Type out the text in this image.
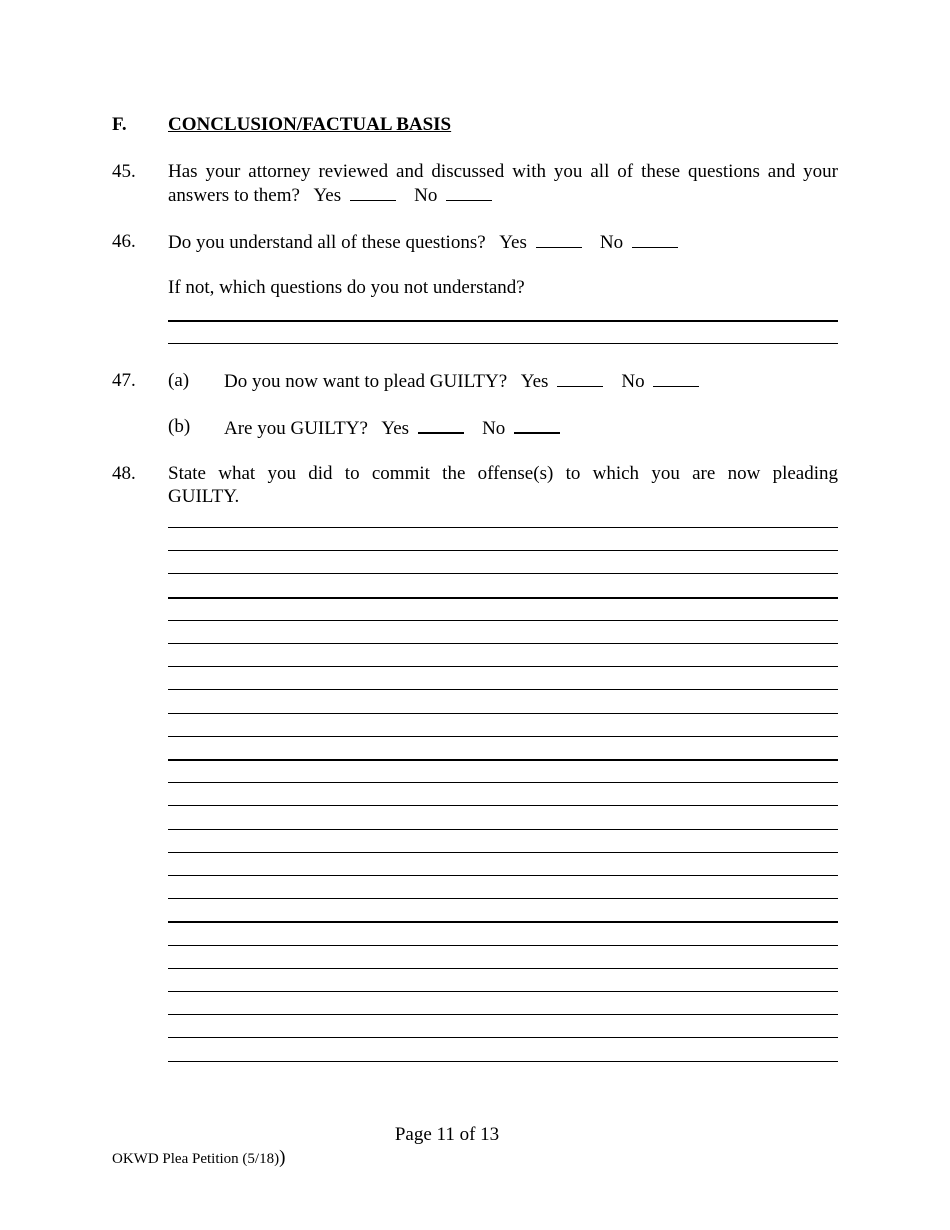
F. CONCLUSION/FACTUAL BASIS
45. Has your attorney reviewed and discussed with you all of these questions and your
answers to them? Yes	No
46. Do you understand all of these questions? Yes	No
If not, which questions do you not understand?
47. (a) Do you now want to plead GUILTY? Yes	No
(b) Are you GUILTY? Yes	No
48. State what you did to commit the offense(s) to which you are now pleading
GUILTY.
Page 11 of 13
OKWD Plea Petition (5/18))
